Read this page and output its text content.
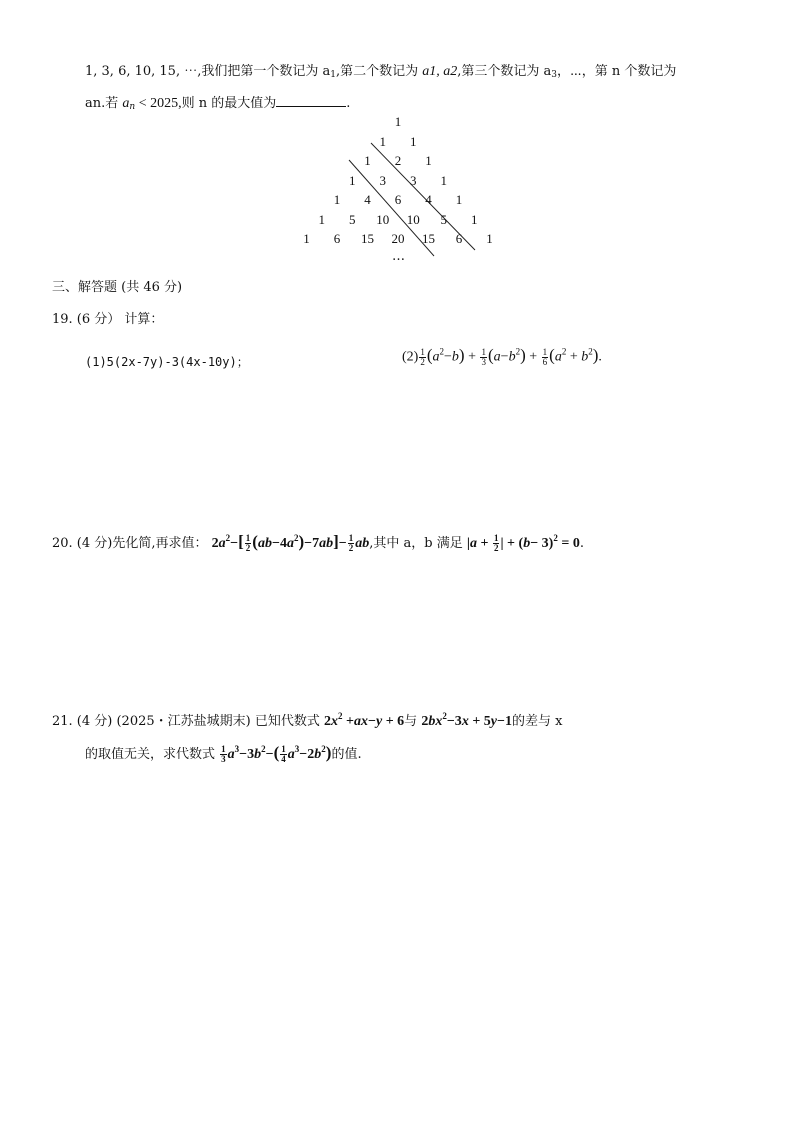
1, 3, 6, 10, 15, ⋯,我们把第一个数记为 $a_1$,第二个数记为 a1, a2,第三个数记为 $a_3$，⋯，第 n 个数记为
an.若 $a_n < 2025$,则 n 的最大值为	.
1
1 1
1 2 1
1 3 3 1
1 4 6 4 1
1 5 10 10 5 1
1 6 15 20 15 6 1
…
三、解答题 (共 46 分)
19. (6 分） 计算：
(1)5(2x-7y)-3(4x-10y)；	$(2) \frac{1}{2} (a^2-b) + \frac{1}{3} (a-b^2) + \frac{1}{6} (a^2 + b^2)$.
20. (4 分)先化简,再求值： $2a^2-[ \frac{1}{2} (ab-4a^2)-7ab]- \frac{1}{2}$ ab,其中 a，b 满足 $|a + \frac{1}{2}$ | + $(b- 3)^2 = 0$.
21. (4 分) (2025・江苏盐城期末) 已知代数式 $2x^2 +ax-y + 6$与 $2bx^2-3x + 5y-1$的差与 x
的取值无关，求代数式 $\frac{1}{3} a^3-3b^2-( \frac{1}{4} a^3-2b^2)$的值.
